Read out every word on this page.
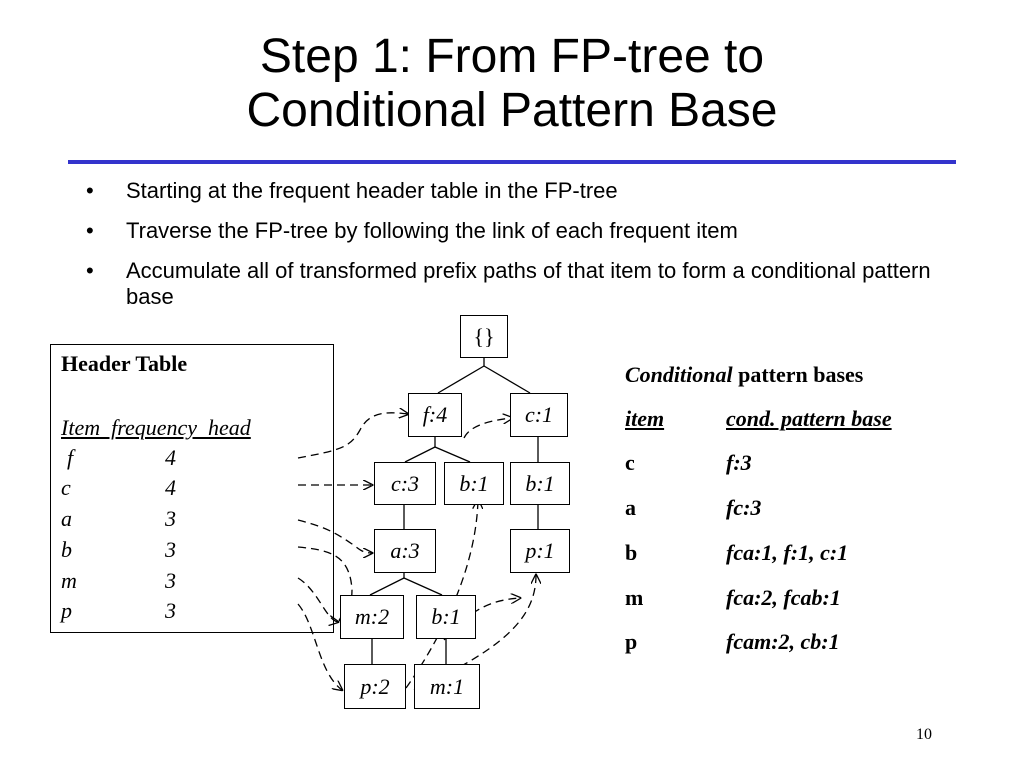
Step 1: From FP-tree to
Conditional Pattern Base
• Starting at the frequent header table in the FP-tree
• Traverse the FP-tree by following the link of each frequent item
• Accumulate all of transformed prefix paths of that item to form a conditional pattern base
Header Table
Item  frequency  head
f	4
c	4
a	3
b	3
m	3
p	3
{}
f:4	c:1
c:3	b:1	b:1
a:3	p:1
m:2	b:1
p:2	m:1
Conditional pattern bases
item	cond. pattern base
c	f:3
a	fc:3
b	fca:1, f:1, c:1
m	fca:2, fcab:1
p	fcam:2, cb:1
10
